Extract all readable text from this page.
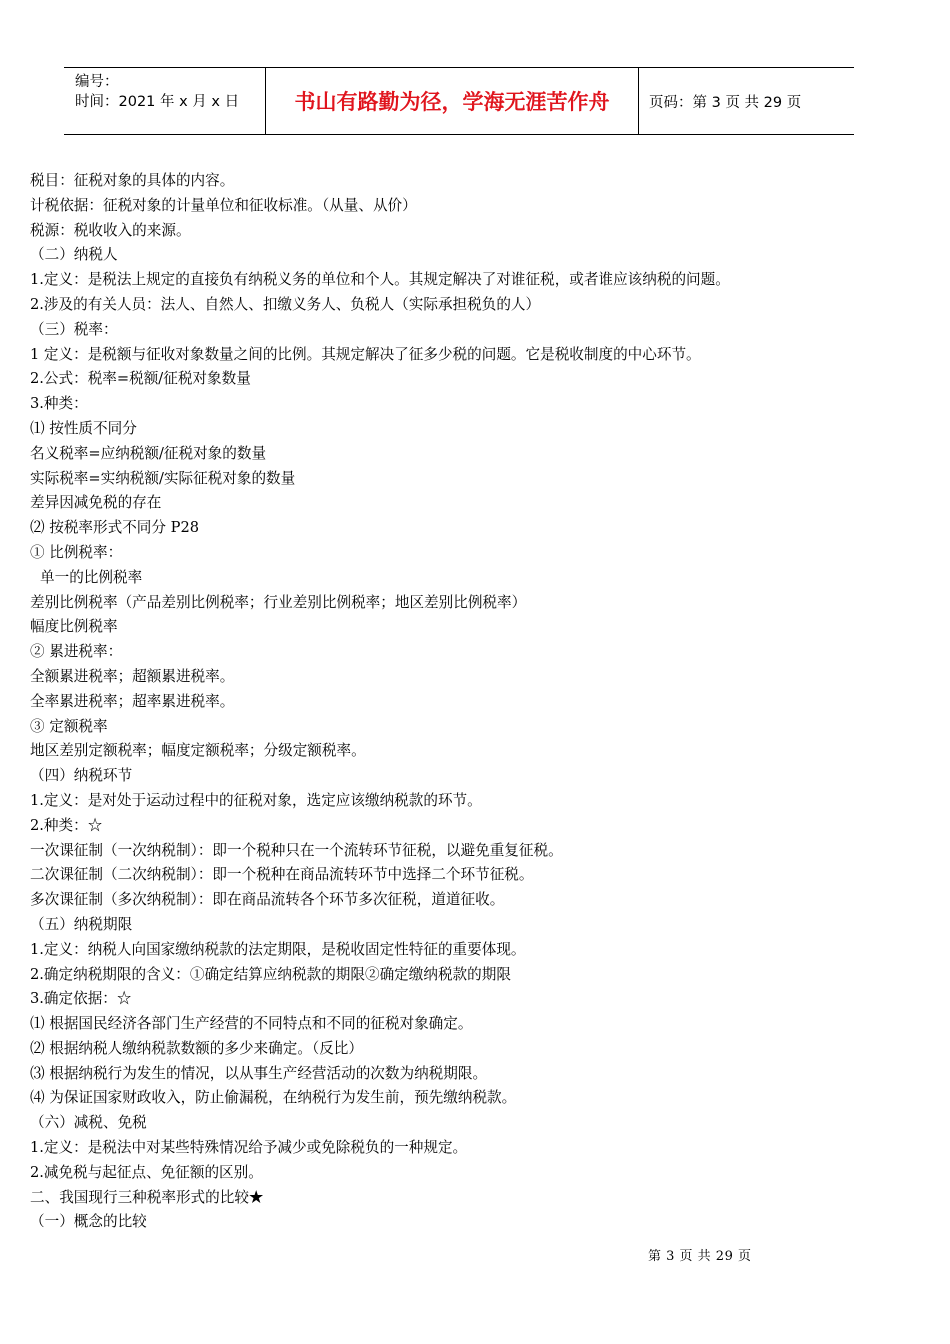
编号：
时间：2021 年 x 月 x 日	书山有路勤为径，学海无涯苦作舟	页码：第 3 页 共 29 页
税目：征税对象的具体的内容。
计税依据：征税对象的计量单位和征收标准。（从量、从价）
税源：税收收入的来源。
（二）纳税人
1.定义：是税法上规定的直接负有纳税义务的单位和个人。其规定解决了对谁征税，或者谁应该纳税的问题。
2.涉及的有关人员：法人、自然人、扣缴义务人、负税人（实际承担税负的人）
（三）税率：
1 定义：是税额与征收对象数量之间的比例。其规定解决了征多少税的问题。它是税收制度的中心环节。
2.公式：税率=税额/征税对象数量
3.种类：
⑴ 按性质不同分
名义税率=应纳税额/征税对象的数量
实际税率=实纳税额/实际征税对象的数量
差异因减免税的存在
⑵ 按税率形式不同分 P28
① 比例税率：
单一的比例税率
差别比例税率（产品差别比例税率；行业差别比例税率；地区差别比例税率）
幅度比例税率
② 累进税率：
全额累进税率；超额累进税率。
全率累进税率；超率累进税率。
③ 定额税率
地区差别定额税率；幅度定额税率；分级定额税率。
（四）纳税环节
1.定义：是对处于运动过程中的征税对象，选定应该缴纳税款的环节。
2.种类：☆
一次课征制（一次纳税制）：即一个税种只在一个流转环节征税，以避免重复征税。
二次课征制（二次纳税制）：即一个税种在商品流转环节中选择二个环节征税。
多次课征制（多次纳税制）：即在商品流转各个环节多次征税，道道征收。
（五）纳税期限
1.定义：纳税人向国家缴纳税款的法定期限，是税收固定性特征的重要体现。
2.确定纳税期限的含义：①确定结算应纳税款的期限②确定缴纳税款的期限
3.确定依据：☆
⑴ 根据国民经济各部门生产经营的不同特点和不同的征税对象确定。
⑵ 根据纳税人缴纳税款数额的多少来确定。（反比）
⑶ 根据纳税行为发生的情况，以从事生产经营活动的次数为纳税期限。
⑷ 为保证国家财政收入，防止偷漏税，在纳税行为发生前，预先缴纳税款。
（六）减税、免税
1.定义：是税法中对某些特殊情况给予减少或免除税负的一种规定。
2.减免税与起征点、免征额的区别。
二、我国现行三种税率形式的比较★
（一）概念的比较
第 3 页 共 29 页
